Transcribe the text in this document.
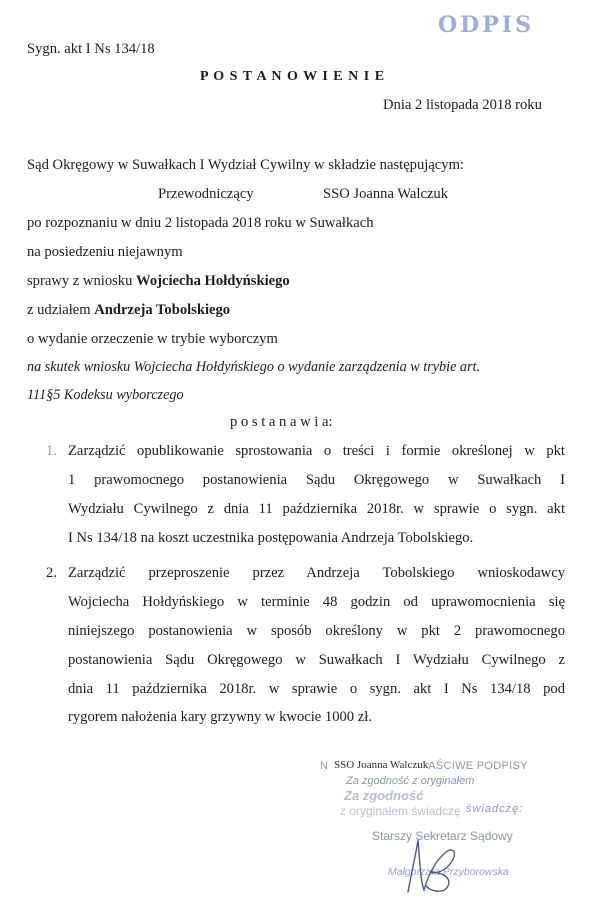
ODPIS
Sygn. akt I Ns 134/18
P O S T A N O W I E N I E
Dnia 2 listopada 2018 roku
Sąd Okręgowy w Suwałkach I Wydział Cywilny w składzie następującym:
Przewodniczący	SSO Joanna Walczuk
po rozpoznaniu w dniu 2 listopada 2018 roku w Suwałkach
na posiedzeniu niejawnym
sprawy z wniosku Wojciecha Hołdyńskiego
z udziałem Andrzeja Tobolskiego
o wydanie orzeczenie w trybie wyborczym
na skutek wniosku Wojciecha Hołdyńskiego o wydanie zarządzenia w trybie art.
111§5 Kodeksu wyborczego
p o s t a n a w i a:
1. Zarządzić opublikowanie sprostowania o treści i formie określonej w pkt
1 prawomocnego postanowienia Sądu Okręgowego w Suwałkach I
Wydziału Cywilnego z dnia 11 października 2018r. w sprawie o sygn. akt
I Ns 134/18 na koszt uczestnika postępowania Andrzeja Tobolskiego.
2. Zarządzić przeproszenie przez Andrzeja Tobolskiego wnioskodawcy
Wojciecha Hołdyńskiego w terminie 48 godzin od uprawomocnienia się
niniejszego postanowienia w sposób określony w pkt 2 prawomocnego
postanowienia Sądu Okręgowego w Suwałkach I Wydziału Cywilnego z
dnia 11 października 2018r. w sprawie o sygn. akt I Ns 134/18 pod
rygorem nałożenia kary grzywny w kwocie 1000 zł.
N	AŚCIWE PODPISY
SSO Joanna Walczuk
Za zgodność z oryginałem
Za zgodność
świadczę:
z oryginałem świadczę
Starszy Sekretarz Sądowy
Małgorzata Przyborowska
